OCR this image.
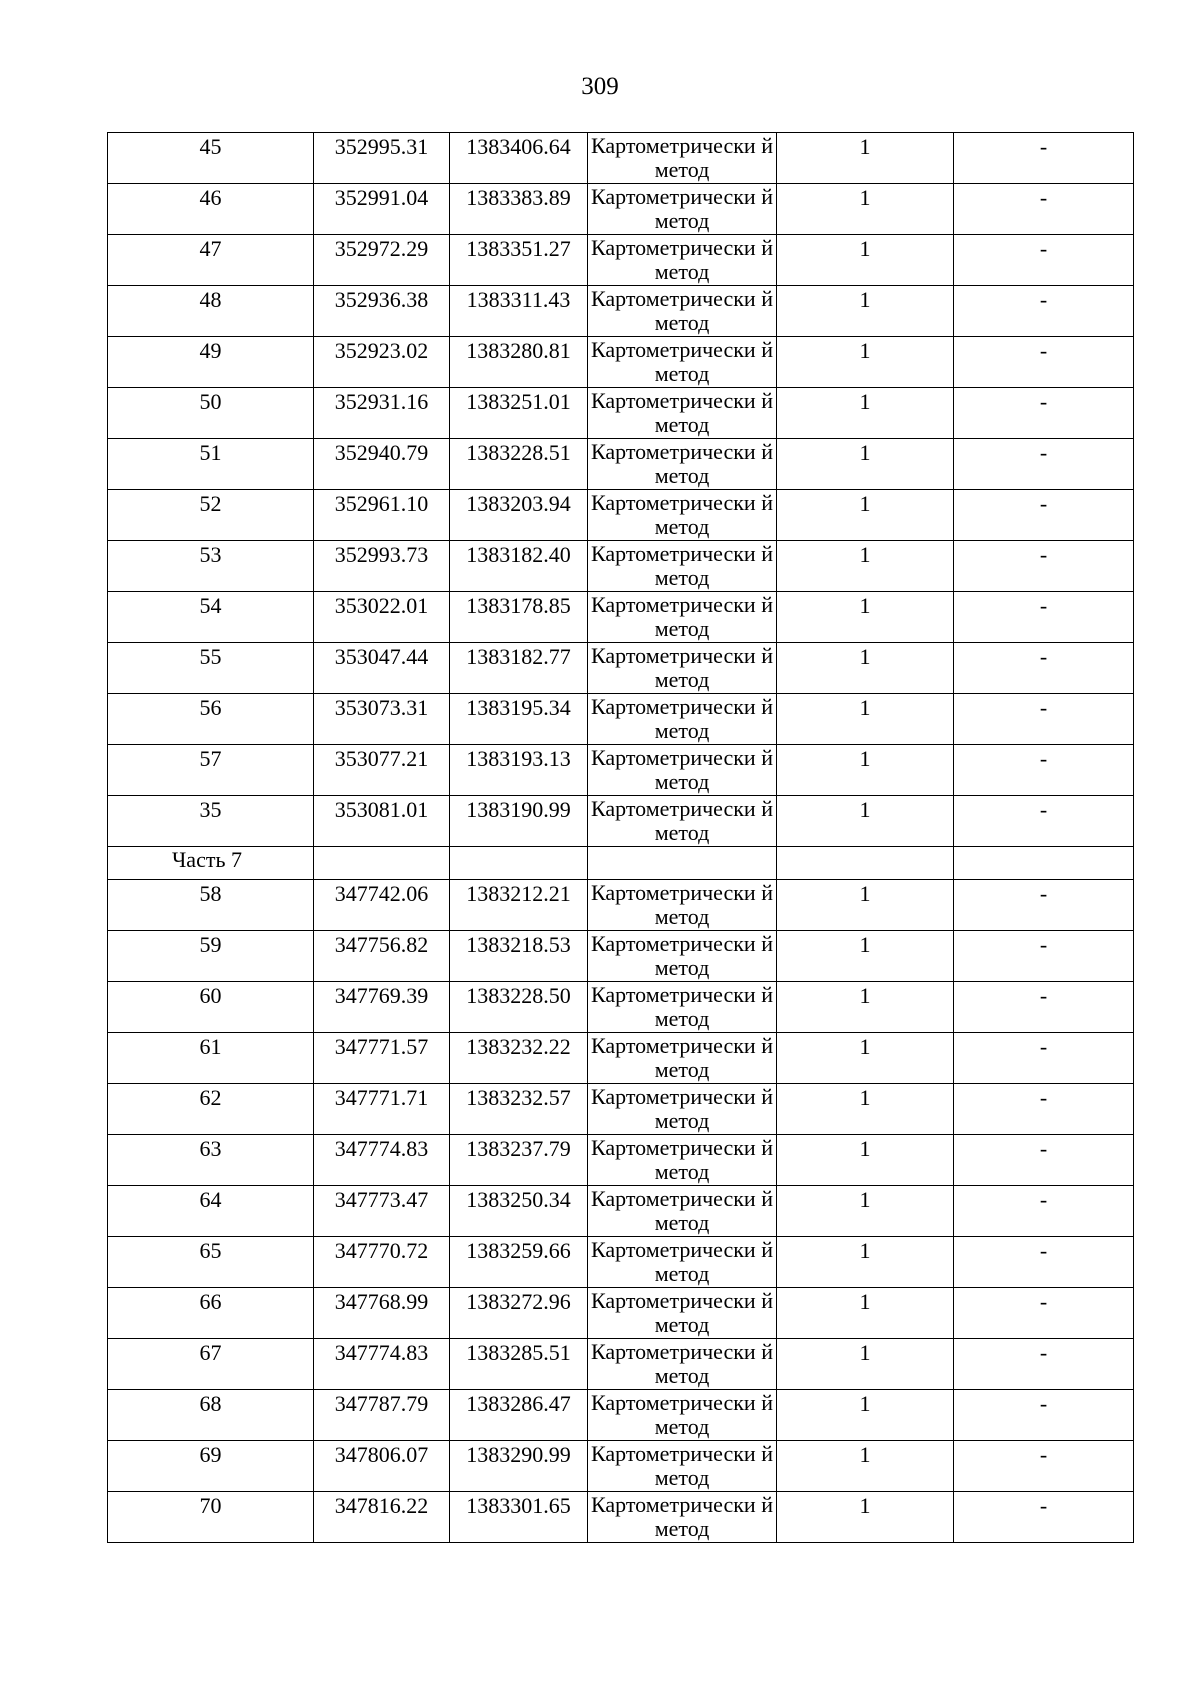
309
45	352995.31	1383406.64	Картометрически й метод	1	-
46	352991.04	1383383.89	Картометрически й метод	1	-
47	352972.29	1383351.27	Картометрически й метод	1	-
48	352936.38	1383311.43	Картометрически й метод	1	-
49	352923.02	1383280.81	Картометрически й метод	1	-
50	352931.16	1383251.01	Картометрически й метод	1	-
51	352940.79	1383228.51	Картометрически й метод	1	-
52	352961.10	1383203.94	Картометрически й метод	1	-
53	352993.73	1383182.40	Картометрически й метод	1	-
54	353022.01	1383178.85	Картометрически й метод	1	-
55	353047.44	1383182.77	Картометрически й метод	1	-
56	353073.31	1383195.34	Картометрически й метод	1	-
57	353077.21	1383193.13	Картометрически й метод	1	-
35	353081.01	1383190.99	Картометрически й метод	1	-
Часть 7					
58	347742.06	1383212.21	Картометрически й метод	1	-
59	347756.82	1383218.53	Картометрически й метод	1	-
60	347769.39	1383228.50	Картометрически й метод	1	-
61	347771.57	1383232.22	Картометрически й метод	1	-
62	347771.71	1383232.57	Картометрически й метод	1	-
63	347774.83	1383237.79	Картометрически й метод	1	-
64	347773.47	1383250.34	Картометрически й метод	1	-
65	347770.72	1383259.66	Картометрически й метод	1	-
66	347768.99	1383272.96	Картометрически й метод	1	-
67	347774.83	1383285.51	Картометрически й метод	1	-
68	347787.79	1383286.47	Картометрически й метод	1	-
69	347806.07	1383290.99	Картометрически й метод	1	-
70	347816.22	1383301.65	Картометрически й метод	1	-
